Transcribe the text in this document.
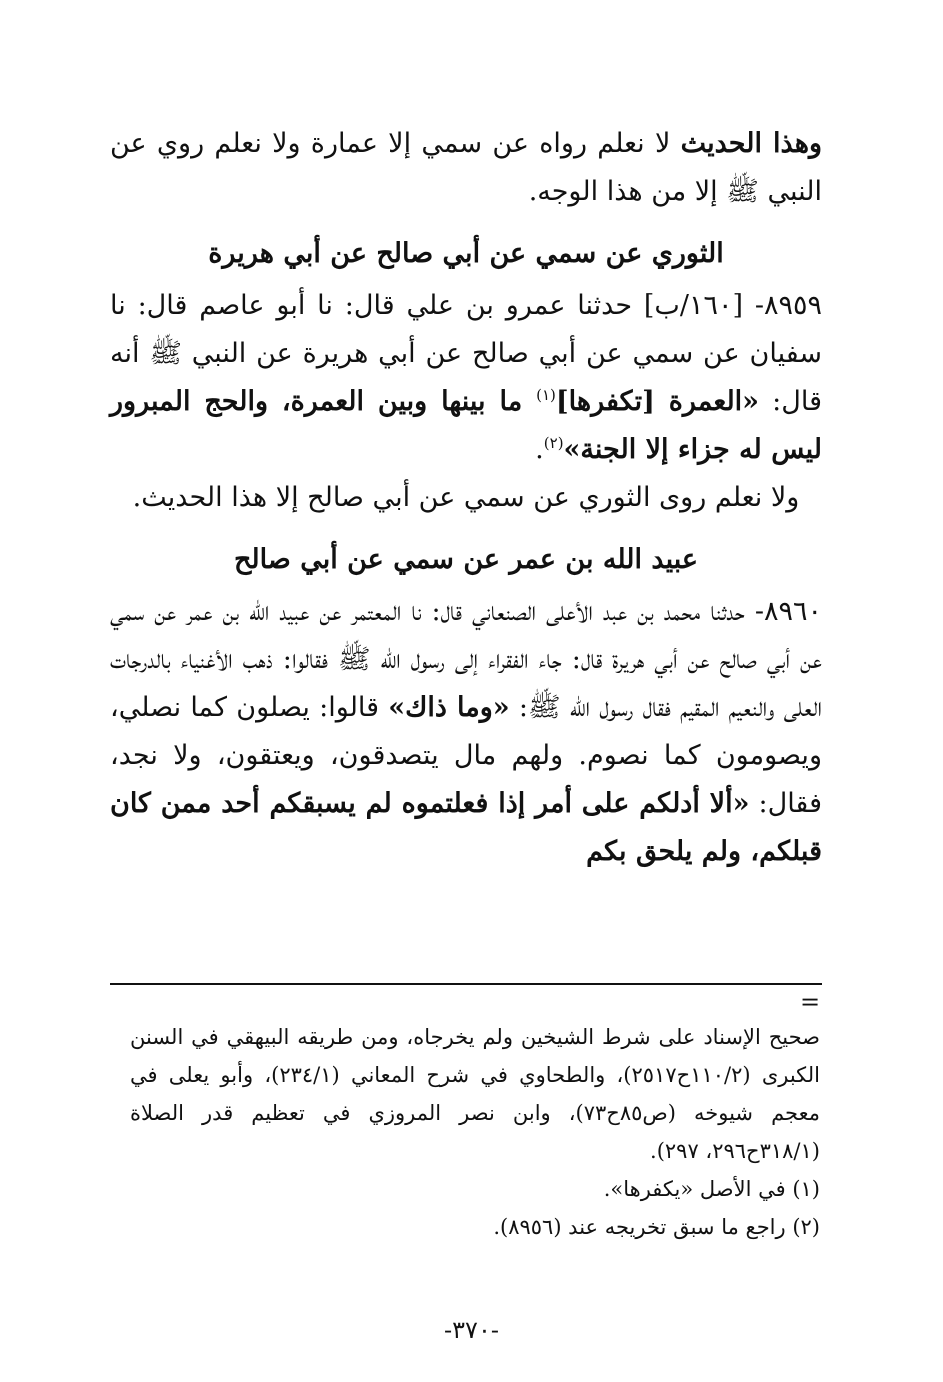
وهذا الحديث لا نعلم رواه عن سمي إلا عمارة ولا نعلم روي عن النبي ﷺ إلا من هذا الوجه.

الثوري عن سمي عن أبي صالح عن أبي هريرة

٨٩٥٩- [١٦٠/ب] حدثنا عمرو بن علي قال: نا أبو عاصم قال: نا سفيان عن سمي عن أبي صالح عن أبي هريرة عن النبي ﷺ أنه قال: «العمرة [تكفرها]$^{(١)}$ ما بينها وبين العمرة، والحج المبرور ليس له جزاء إلا الجنة»$^{(٢)}$.

ولا نعلم روى الثوري عن سمي عن أبي صالح إلا هذا الحديث.

عبيد الله بن عمر عن سمي عن أبي صالح

٨٩٦٠- حدثنا محمد بن عبد الأعلى الصنعاني قال: نا المعتمر عن عبيد الله بن عمر عن سمي عن أبي صالح عن أبي هريرة قال: جاء الفقراء إلى رسول الله ﷺ فقالوا: ذهب الأغنياء بالدرجات العلى والنعيم المقيم فقال رسول الله ﷺ: «وما ذاك» قالوا: يصلون كما نصلي، ويصومون كما نصوم. ولهم مال يتصدقون، ويعتقون، ولا نجد، فقال: «ألا أدلكم على أمر إذا فعلتموه لم يسبقكم أحد ممن كان قبلكم، ولم يلحق بكم

=

صحيح الإسناد على شرط الشيخين ولم يخرجاه، ومن طريقه البيهقي في السنن الكبرى (١١٠/٢ح٢٥١٧)، والطحاوي في شرح المعاني (٢٣٤/١)، وأبو يعلى في معجم شيوخه (ص٨٥ح٧٣)، وابن نصر المروزي في تعظيم قدر الصلاة (٣١٨/١ح٢٩٦، ٢٩٧).

(١) في الأصل «يكفرها».

(٢) راجع ما سبق تخريجه عند (٨٩٥٦).

-٣٧٠-
